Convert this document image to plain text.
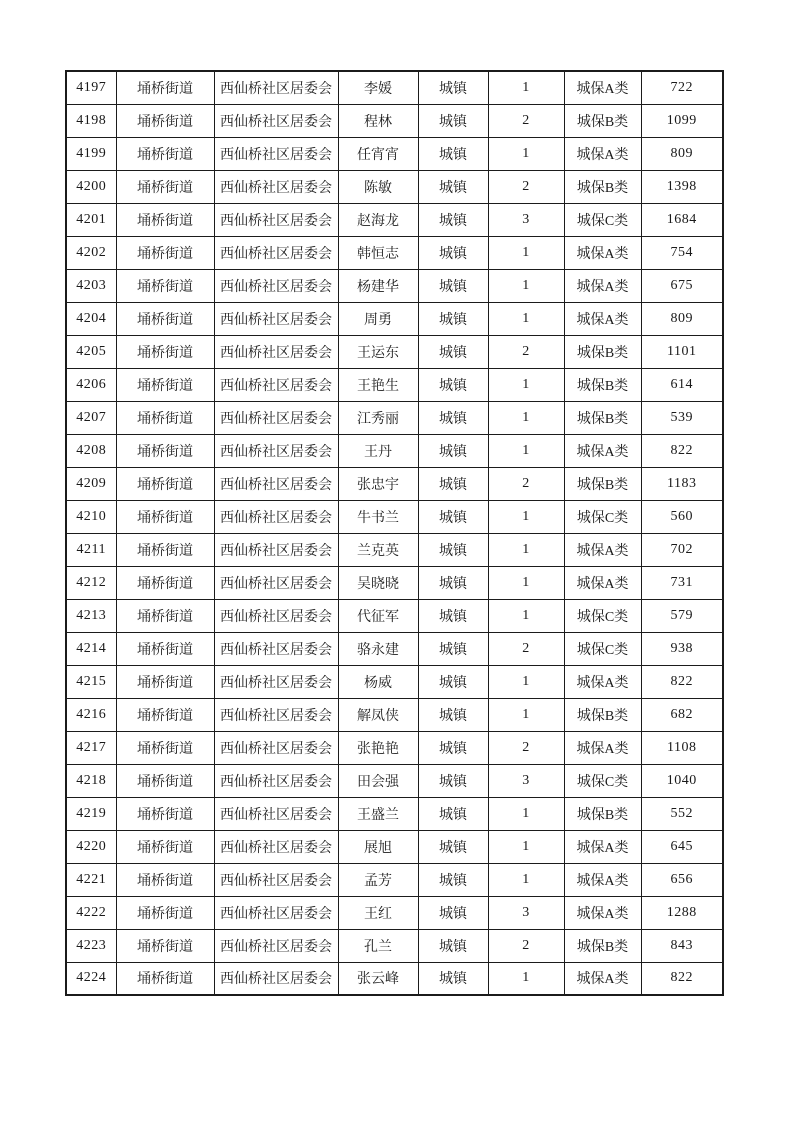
4197	埇桥街道	西仙桥社区居委会	李媛	城镇	1	城保A类	722
4198	埇桥街道	西仙桥社区居委会	程林	城镇	2	城保B类	1099
4199	埇桥街道	西仙桥社区居委会	任宵宵	城镇	1	城保A类	809
4200	埇桥街道	西仙桥社区居委会	陈敏	城镇	2	城保B类	1398
4201	埇桥街道	西仙桥社区居委会	赵海龙	城镇	3	城保C类	1684
4202	埇桥街道	西仙桥社区居委会	韩恒志	城镇	1	城保A类	754
4203	埇桥街道	西仙桥社区居委会	杨建华	城镇	1	城保A类	675
4204	埇桥街道	西仙桥社区居委会	周勇	城镇	1	城保A类	809
4205	埇桥街道	西仙桥社区居委会	王运东	城镇	2	城保B类	1101
4206	埇桥街道	西仙桥社区居委会	王艳生	城镇	1	城保B类	614
4207	埇桥街道	西仙桥社区居委会	江秀丽	城镇	1	城保B类	539
4208	埇桥街道	西仙桥社区居委会	王丹	城镇	1	城保A类	822
4209	埇桥街道	西仙桥社区居委会	张忠宇	城镇	2	城保B类	1183
4210	埇桥街道	西仙桥社区居委会	牛书兰	城镇	1	城保C类	560
4211	埇桥街道	西仙桥社区居委会	兰克英	城镇	1	城保A类	702
4212	埇桥街道	西仙桥社区居委会	吴晓晓	城镇	1	城保A类	731
4213	埇桥街道	西仙桥社区居委会	代征军	城镇	1	城保C类	579
4214	埇桥街道	西仙桥社区居委会	骆永建	城镇	2	城保C类	938
4215	埇桥街道	西仙桥社区居委会	杨威	城镇	1	城保A类	822
4216	埇桥街道	西仙桥社区居委会	解凤侠	城镇	1	城保B类	682
4217	埇桥街道	西仙桥社区居委会	张艳艳	城镇	2	城保A类	1108
4218	埇桥街道	西仙桥社区居委会	田会强	城镇	3	城保C类	1040
4219	埇桥街道	西仙桥社区居委会	王盛兰	城镇	1	城保B类	552
4220	埇桥街道	西仙桥社区居委会	展旭	城镇	1	城保A类	645
4221	埇桥街道	西仙桥社区居委会	孟芳	城镇	1	城保A类	656
4222	埇桥街道	西仙桥社区居委会	王红	城镇	3	城保A类	1288
4223	埇桥街道	西仙桥社区居委会	孔兰	城镇	2	城保B类	843
4224	埇桥街道	西仙桥社区居委会	张云峰	城镇	1	城保A类	822
